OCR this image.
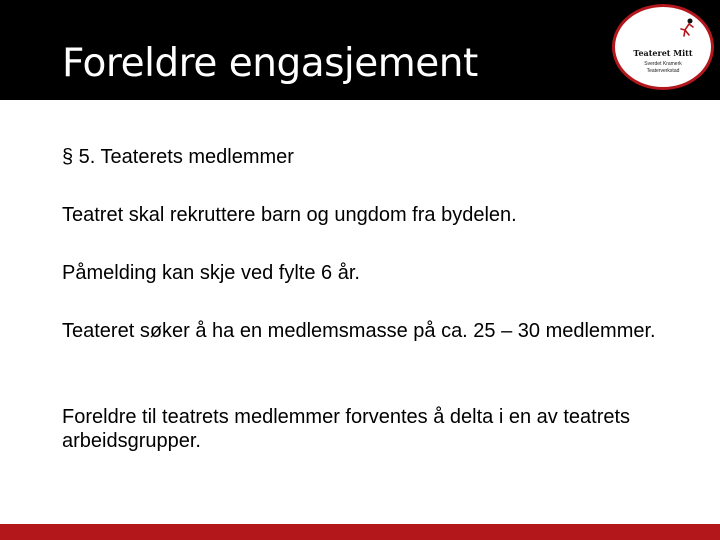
Foreldre engasjement	Teateret Mitt
Sverdet Kramerk
Teaterverkstad
§ 5. Teaterets medlemmer
Teatret skal rekruttere barn og ungdom fra bydelen.
Påmelding kan skje ved fylte 6 år.
Teateret søker å ha en medlemsmasse på ca. 25 – 30 medlemmer.
Foreldre til teatrets medlemmer forventes å delta i en av teatrets arbeidsgrupper.
